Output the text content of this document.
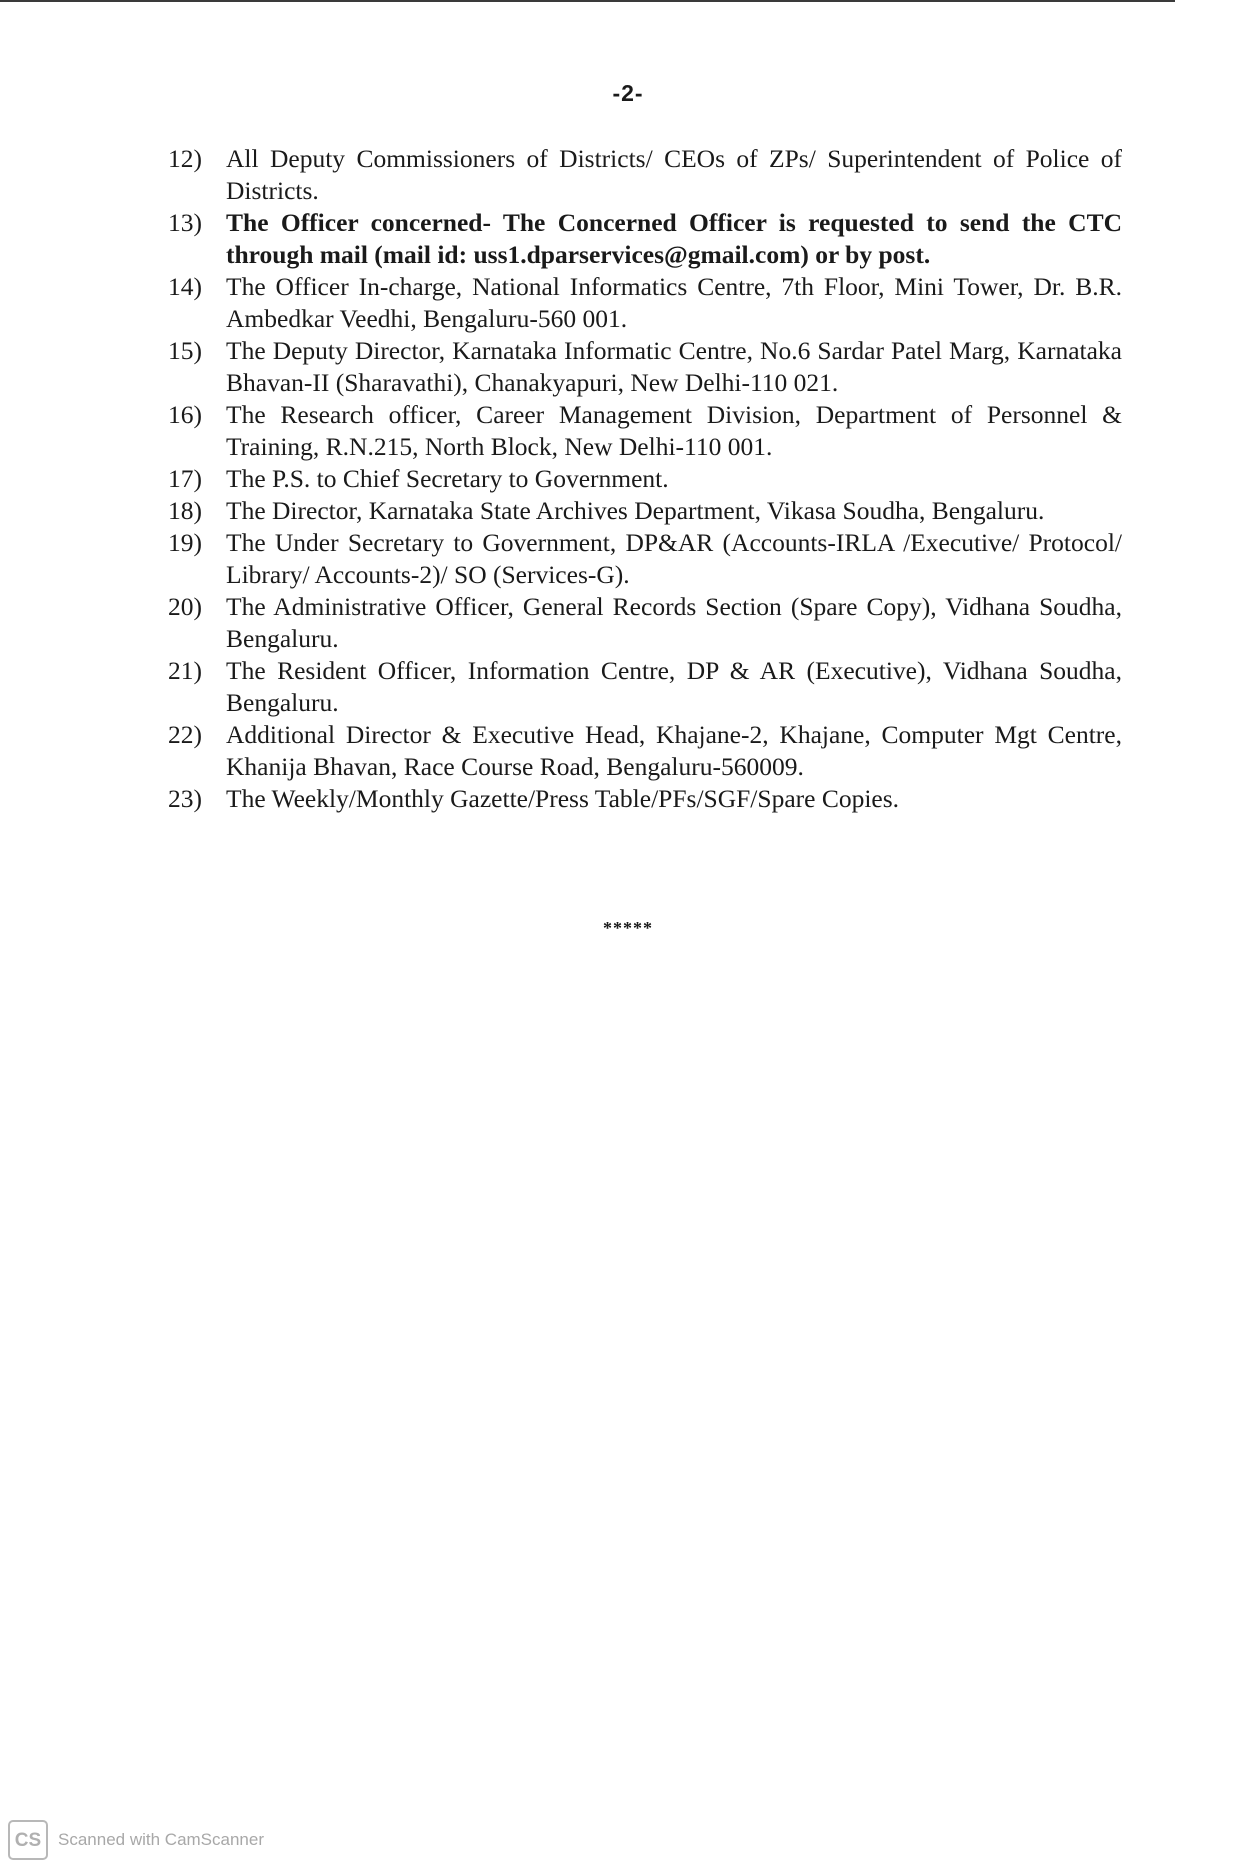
-2-
12) All Deputy Commissioners of Districts/ CEOs of ZPs/ Superintendent of Police of Districts.
13) The Officer concerned- The Concerned Officer is requested to send the CTC through mail (mail id: uss1.dparservices@gmail.com) or by post.
14) The Officer In-charge, National Informatics Centre, 7th Floor, Mini Tower, Dr. B.R. Ambedkar Veedhi, Bengaluru-560 001.
15) The Deputy Director, Karnataka Informatic Centre, No.6 Sardar Patel Marg, Karnataka Bhavan-II (Sharavathi), Chanakyapuri, New Delhi-110 021.
16) The Research officer, Career Management Division, Department of Personnel & Training, R.N.215, North Block, New Delhi-110 001.
17) The P.S. to Chief Secretary to Government.
18) The Director, Karnataka State Archives Department, Vikasa Soudha, Bengaluru.
19) The Under Secretary to Government, DP&AR (Accounts-IRLA /Executive/ Protocol/ Library/ Accounts-2)/ SO (Services-G).
20) The Administrative Officer, General Records Section (Spare Copy), Vidhana Soudha, Bengaluru.
21) The Resident Officer, Information Centre, DP & AR (Executive), Vidhana Soudha, Bengaluru.
22) Additional Director & Executive Head, Khajane-2, Khajane, Computer Mgt Centre, Khanija Bhavan, Race Course Road, Bengaluru-560009.
23) The Weekly/Monthly Gazette/Press Table/PFs/SGF/Spare Copies.
*****
CS Scanned with CamScanner
